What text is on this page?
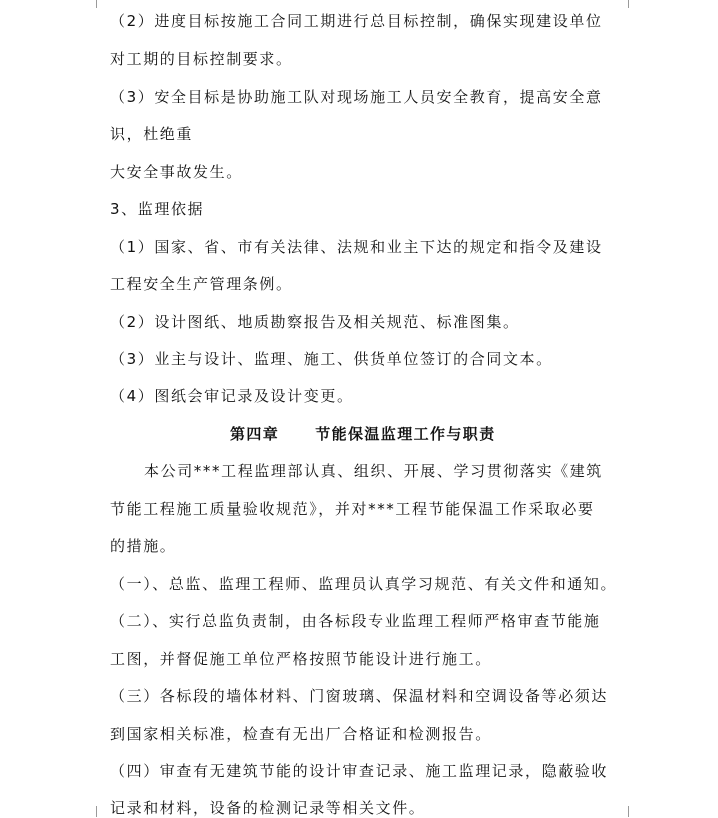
（2）进度目标按施工合同工期进行总目标控制，确保实现建设单位
对工期的目标控制要求。
（3）安全目标是协助施工队对现场施工人员安全教育，提高安全意
识，杜绝重
大安全事故发生。
3、监理依据
（1）国家、省、市有关法律、法规和业主下达的规定和指令及建设
工程安全生产管理条例。
（2）设计图纸、地质勘察报告及相关规范、标准图集。
（3）业主与设计、监理、施工、供货单位签订的合同文本。
（4）图纸会审记录及设计变更。
第四章 节能保温监理工作与职责
本公司***工程监理部认真、组织、开展、学习贯彻落实《建筑
节能工程施工质量验收规范》，并对***工程节能保温工作采取必要
的措施。
（一）、总监、监理工程师、监理员认真学习规范、有关文件和通知。
（二）、实行总监负责制，由各标段专业监理工程师严格审查节能施
工图，并督促施工单位严格按照节能设计进行施工。
（三）各标段的墙体材料、门窗玻璃、保温材料和空调设备等必须达
到国家相关标准，检查有无出厂合格证和检测报告。
（四）审查有无建筑节能的设计审查记录、施工监理记录，隐蔽验收
记录和材料，设备的检测记录等相关文件。
